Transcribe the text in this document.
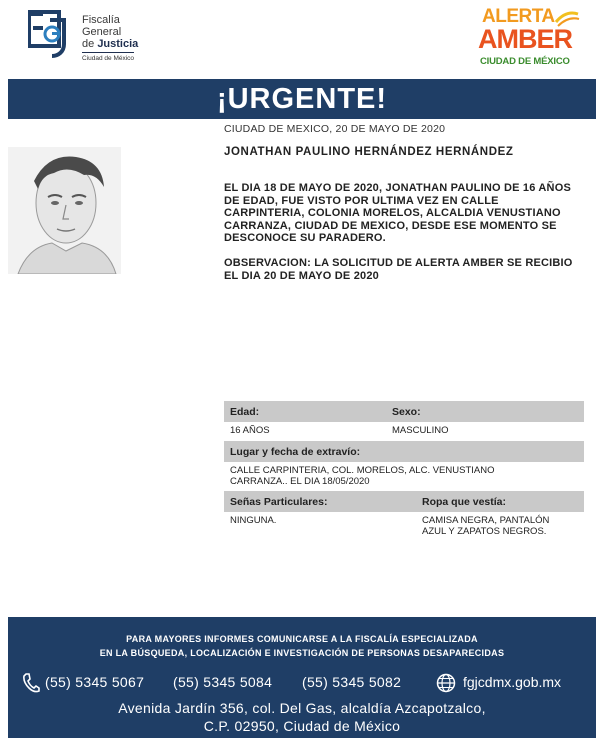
Fiscalía
General
de Justicia
Ciudad de México
ALERTA
AMBER
CIUDAD DE MÉXICO
¡URGENTE!
CIUDAD DE MEXICO, 20 DE MAYO DE 2020
JONATHAN PAULINO HERNÁNDEZ HERNÁNDEZ
EL DIA 18 DE MAYO DE 2020, JONATHAN PAULINO DE 16 AÑOS DE EDAD, FUE VISTO POR ULTIMA VEZ EN CALLE CARPINTERIA, COLONIA MORELOS, ALCALDIA VENUSTIANO CARRANZA, CIUDAD DE MEXICO, DESDE ESE MOMENTO SE DESCONOCE SU PARADERO.
OBSERVACION: LA SOLICITUD DE ALERTA AMBER SE RECIBIO EL DIA 20 DE MAYO DE 2020
Edad:	Sexo:
16 AÑOS	MASCULINO
Lugar y fecha de extravío:
CALLE CARPINTERIA, COL. MORELOS, ALC. VENUSTIANO
CARRANZA.. EL DIA 18/05/2020
Señas Particulares:	Ropa que vestía:
NINGUNA.	CAMISA NEGRA, PANTALÓN
AZUL Y ZAPATOS NEGROS.
PARA MAYORES INFORMES COMUNICARSE A LA FISCALÍA ESPECIALIZADA
EN LA BÚSQUEDA, LOCALIZACIÓN E INVESTIGACIÓN DE PERSONAS DESAPARECIDAS
(55) 5345 5067 (55) 5345 5084 (55) 5345 5082	fgjcdmx.gob.mx
Avenida Jardín 356, col. Del Gas, alcaldía Azcapotzalco,
C.P. 02950, Ciudad de México
